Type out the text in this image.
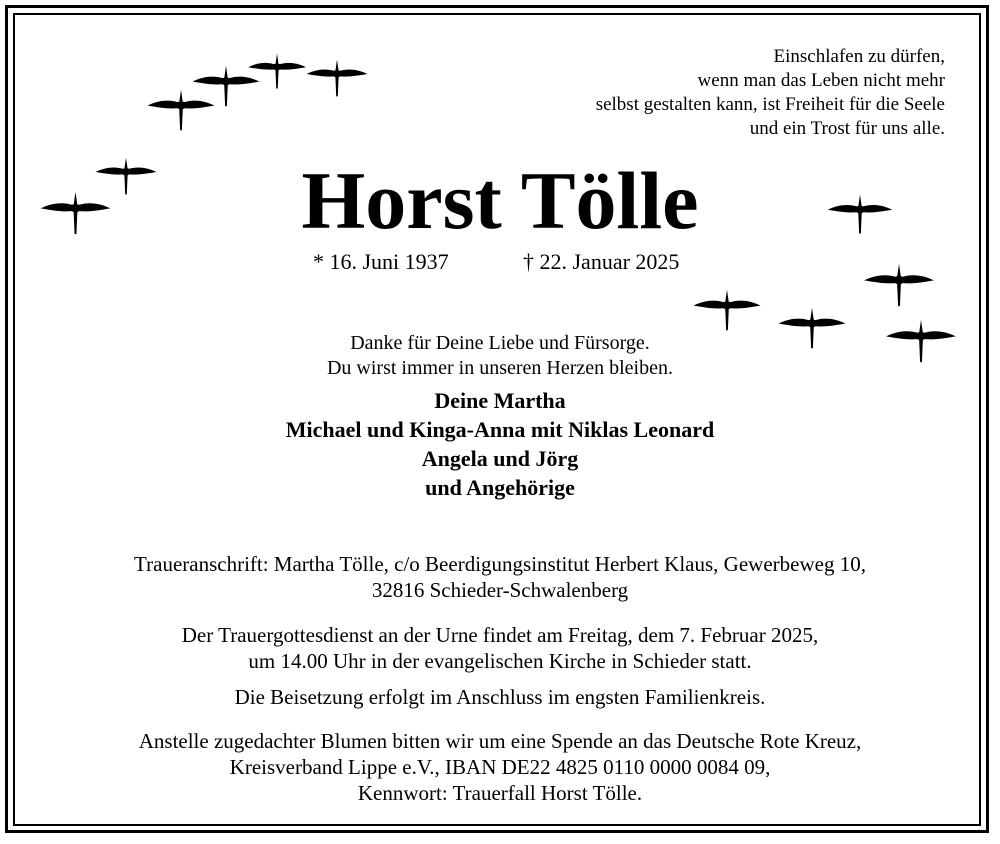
Einschlafen zu dürfen,
wenn man das Leben nicht mehr
selbst gestalten kann, ist Freiheit für die Seele
und ein Trost für uns alle.
Horst Tölle
* 16. Juni 1937	† 22. Januar 2025
Danke für Deine Liebe und Fürsorge.
Du wirst immer in unseren Herzen bleiben.
Deine Martha
Michael und Kinga-Anna mit Niklas Leonard
Angela und Jörg
und Angehörige
Traueranschrift: Martha Tölle, c/o Beerdigungsinstitut Herbert Klaus, Gewerbeweg 10,
32816 Schieder-Schwalenberg
Der Trauergottesdienst an der Urne findet am Freitag, dem 7. Februar 2025,
um 14.00 Uhr in der evangelischen Kirche in Schieder statt.
Die Beisetzung erfolgt im Anschluss im engsten Familienkreis.
Anstelle zugedachter Blumen bitten wir um eine Spende an das Deutsche Rote Kreuz,
Kreisverband Lippe e.V., IBAN DE22 4825 0110 0000 0084 09,
Kennwort: Trauerfall Horst Tölle.
